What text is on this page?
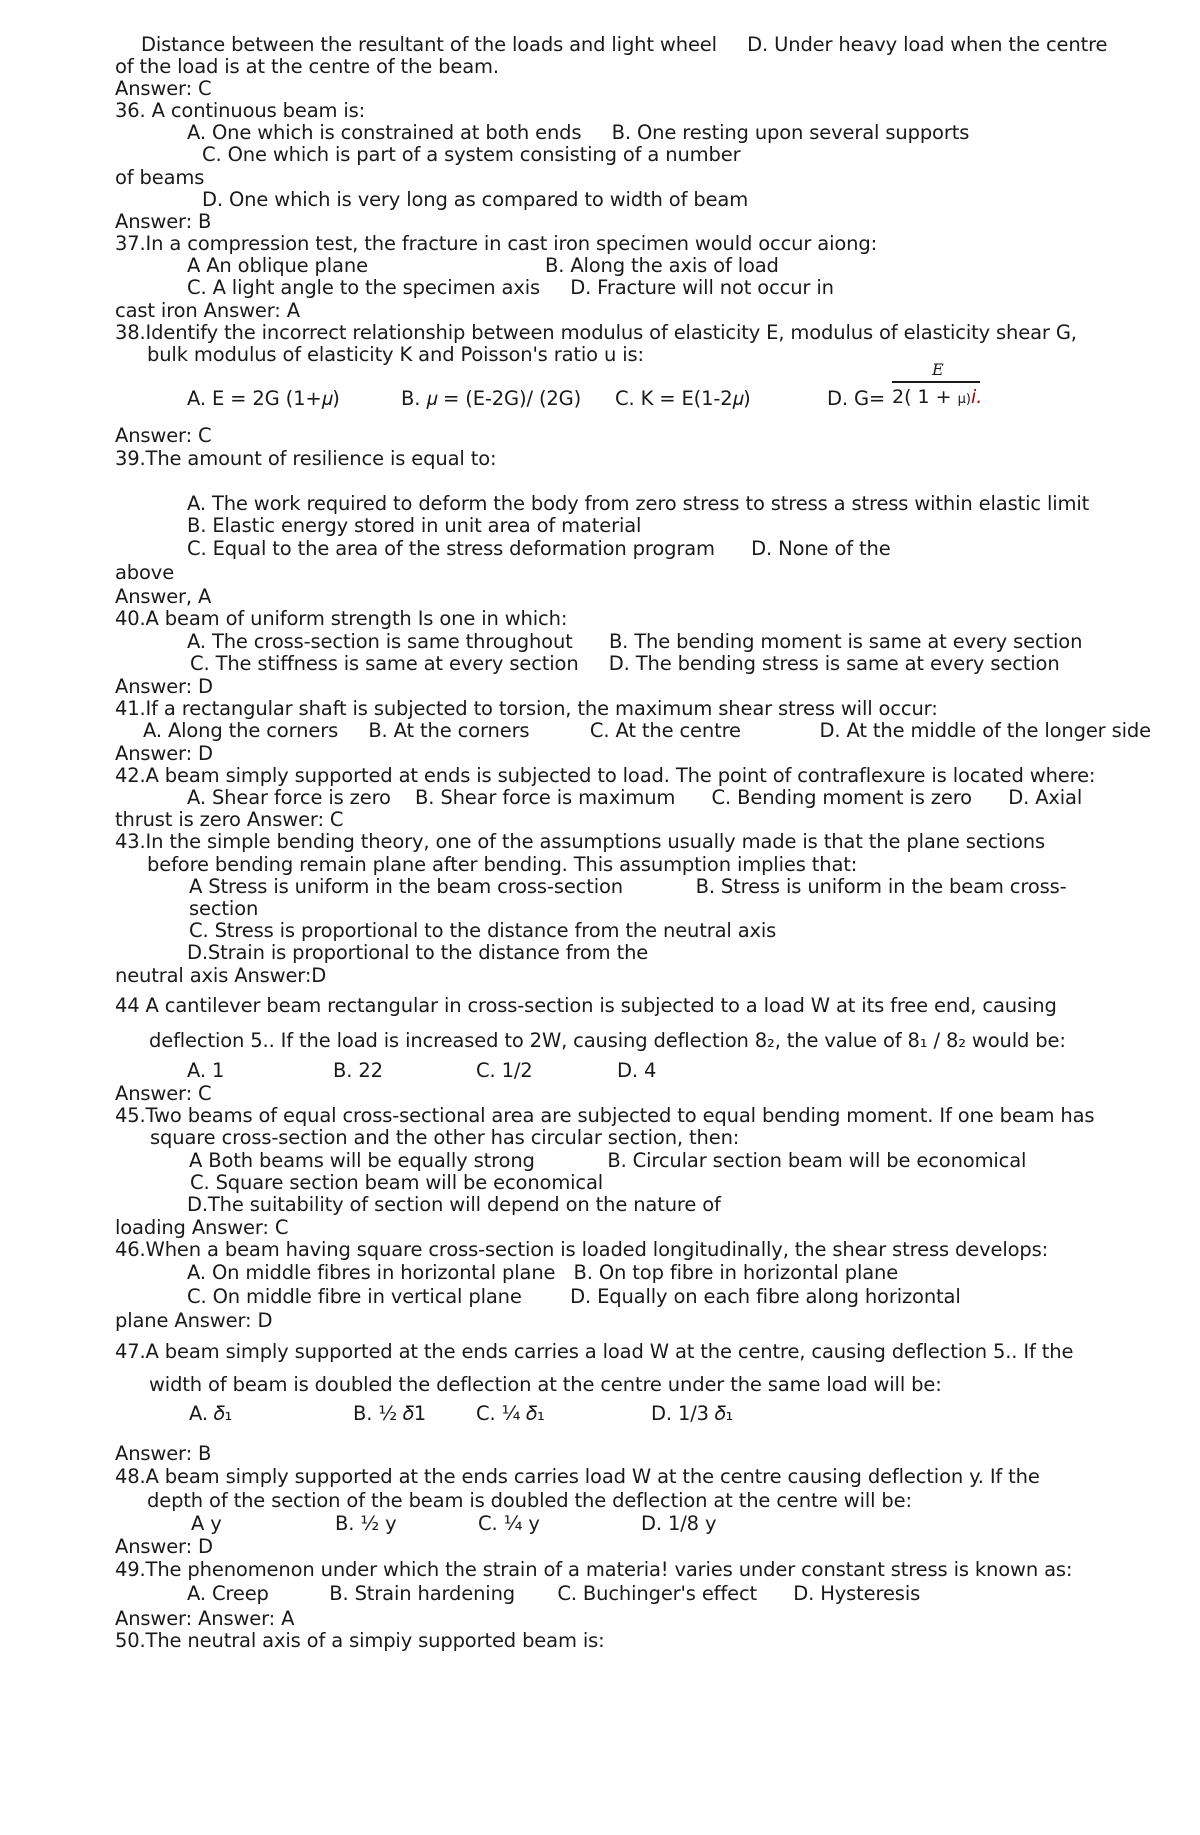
Distance between the resultant of the loads and light wheel     D. Under heavy load when the centre
of the load is at the centre of the beam.
Answer: C
36. A continuous beam is:
A. One which is constrained at both ends     B. One resting upon several supports
C. One which is part of a system consisting of a number
of beams
D. One which is very long as compared to width of beam
Answer: B
37.In a compression test, the fracture in cast iron specimen would occur aiong:
A An oblique plane	B. Along the axis of load
C. A light angle to the specimen axis     D. Fracture will not occur in
cast iron Answer: A
38.Identify the incorrect relationship between modulus of elasticity E, modulus of elasticity shear G,
bulk modulus of elasticity K and Poisson's ratio u is:
A. E = 2G (1+𝜇)	B. 𝜇 = (E-2G)/ (2G) C. K = E(1-2𝜇)	D. G=
E
2( 1 + μ)i.
Answer: C
39.The amount of resilience is equal to:
A. The work required to deform the body from zero stress to stress a stress within elastic limit
B. Elastic energy stored in unit area of material
C. Equal to the area of the stress deformation program      D. None of the
above
Answer, A
40.A beam of uniform strength Is one in which:
A. The cross-section is same throughout      B. The bending moment is same at every section
C. The stiffness is same at every section     D. The bending stress is same at every section
Answer: D
41.If a rectangular shaft is subjected to torsion, the maximum shear stress will occur:
A. Along the corners     B. At the corners          C. At the centre             D. At the middle of the longer side
Answer: D
42.A beam simply supported at ends is subjected to load. The point of contraflexure is located where:
A. Shear force is zero    B. Shear force is maximum      C. Bending moment is zero      D. Axial
thrust is zero Answer: C
43.In the simple bending theory, one of the assumptions usually made is that the plane sections
before bending remain plane after bending. This assumption implies that:
A Stress is uniform in the beam cross-section            B. Stress is uniform in the beam cross-
section
C. Stress is proportional to the distance from the neutral axis
D.Strain is proportional to the distance from the
neutral axis Answer:D
44 A cantilever beam rectangular in cross-section is subjected to a load W at its free end, causing
deflection 5.. If the load is increased to 2W, causing deflection 8₂, the value of 8₁ / 8₂ would be:
A. 1	B. 22	C. 1/2	D. 4
Answer: C
45.Two beams of equal cross-sectional area are subjected to equal bending moment. If one beam has
square cross-section and the other has circular section, then:
A Both beams will be equally strong            B. Circular section beam will be economical
C. Square section beam will be economical
D.The suitability of section will depend on the nature of
loading Answer: C
46.When a beam having square cross-section is loaded longitudinally, the shear stress develops:
A. On middle fibres in horizontal plane   B. On top fibre in horizontal plane
C. On middle fibre in vertical plane        D. Equally on each fibre along horizontal
plane Answer: D
47.A beam simply supported at the ends carries a load W at the centre, causing deflection 5.. If the
width of beam is doubled the deflection at the centre under the same load will be:
A. 𝛿₁	B. ½ 𝛿1	C. ¼ 𝛿₁	D. 1/3 𝛿₁
Answer: B
48.A beam simply supported at the ends carries load W at the centre causing deflection y. If the
depth of the section of the beam is doubled the deflection at the centre will be:
A y	B. ½ y	C. ¼ y	D. 1/8 y
Answer: D
49.The phenomenon under which the strain of a materia! varies under constant stress is known as:
A. Creep          B. Strain hardening       C. Buchinger's effect      D. Hysteresis
Answer: Answer: A
50.The neutral axis of a simpiy supported beam is:
